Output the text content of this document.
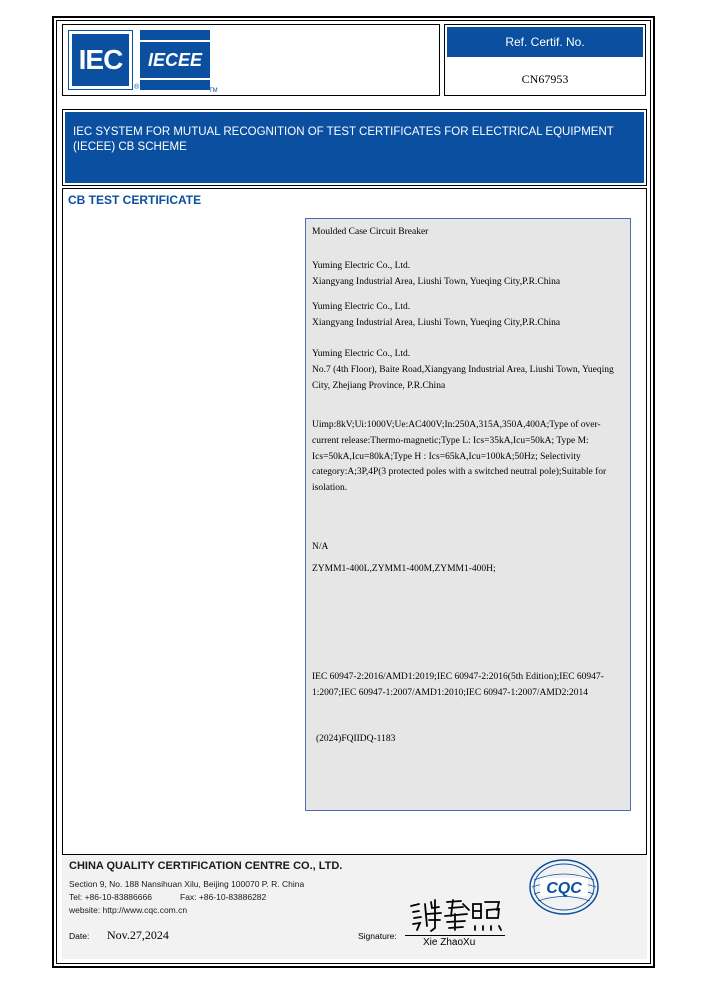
IEC	IECEE
®	TM
Ref. Certif. No.
CN67953
IEC SYSTEM FOR MUTUAL RECOGNITION OF TEST CERTIFICATES FOR ELECTRICAL EQUIPMENT (IECEE) CB SCHEME
CB TEST CERTIFICATE
Moulded Case Circuit Breaker
Yuming Electric Co., Ltd.
Xiangyang Industrial Area, Liushi Town, Yueqing City,P.R.China
Yuming Electric Co., Ltd.
Xiangyang Industrial Area, Liushi Town, Yueqing City,P.R.China
Yuming Electric Co., Ltd.
No.7 (4th Floor), Baite Road,Xiangyang Industrial Area, Liushi Town, Yueqing City, Zhejiang Province, P.R.China
Uimp:8kV;Ui:1000V;Ue:AC400V;In:250A,315A,350A,400A;Type of over-current release:Thermo-magnetic;Type L: Ics=35kA,Icu=50kA; Type M: Ics=50kA,Icu=80kA;Type H : Ics=65kA,Icu=100kA;50Hz; Selectivity category:A;3P,4P(3 protected poles with a switched neutral pole);Suitable for isolation.
N/A
ZYMM1-400L,ZYMM1-400M,ZYMM1-400H;
IEC 60947-2:2016/AMD1:2019;IEC 60947-2:2016(5th Edition);IEC 60947-1:2007;IEC 60947-1:2007/AMD1:2010;IEC 60947-1:2007/AMD2:2014
(2024)FQIIDQ-1183
CHINA QUALITY CERTIFICATION CENTRE CO., LTD.
Section 9, No. 188 Nansihuan Xilu, Beijing 100070 P. R. China
Tel: +86-10-83886666	Fax: +86-10-83886282
website: http://www.cqc.com.cn
Date: Nov.27,2024	Signature:
Xie ZhaoXu
CQC
